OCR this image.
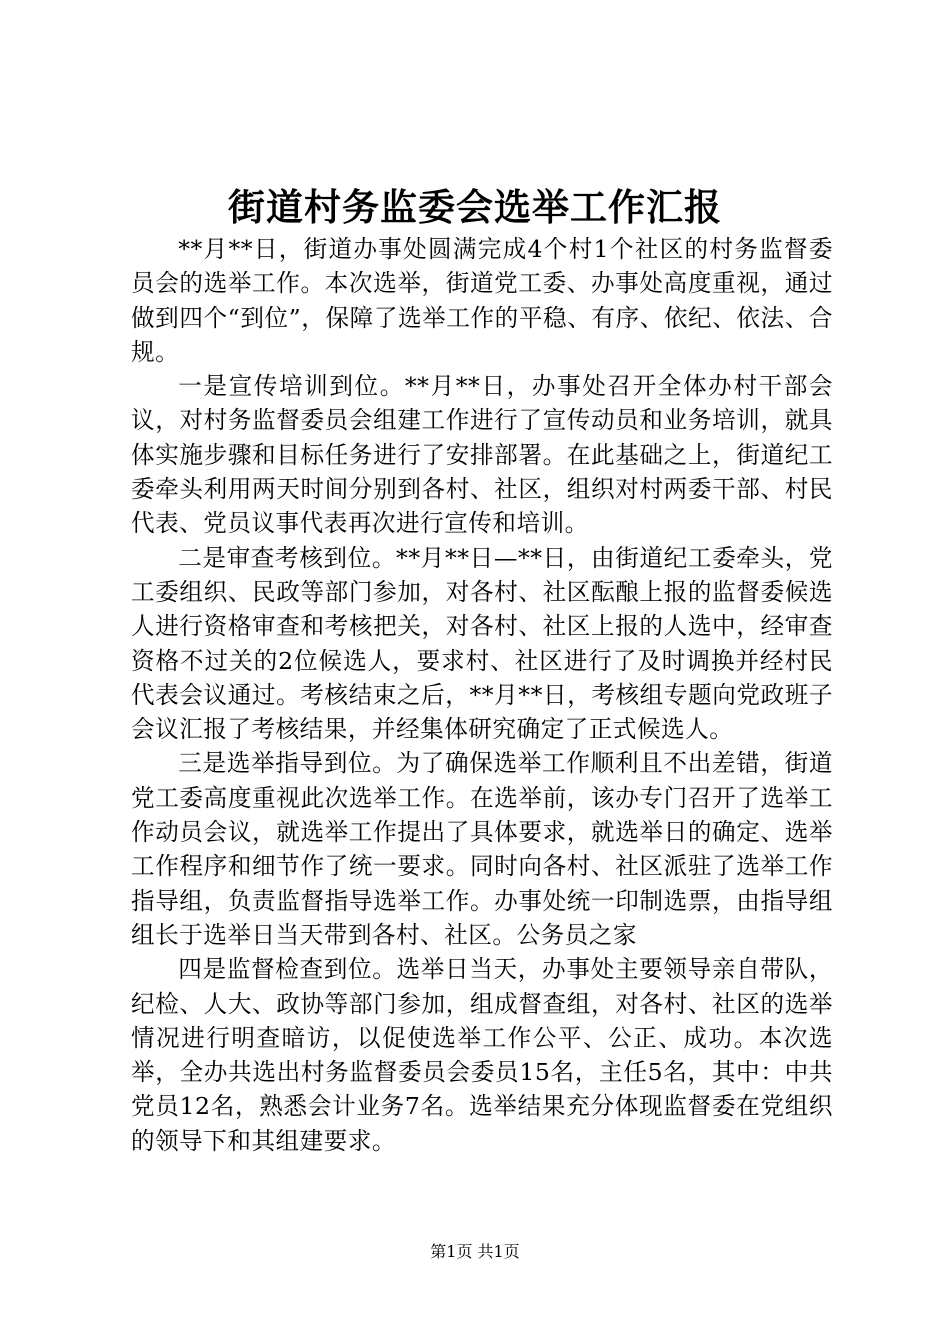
街道村务监委会选举工作汇报

**月**日，街道办事处圆满完成4个村1个社区的村务监督委员会的选举工作。本次选举，街道党工委、办事处高度重视，通过做到四个“到位”，保障了选举工作的平稳、有序、依纪、依法、合规。

一是宣传培训到位。**月**日，办事处召开全体办村干部会议，对村务监督委员会组建工作进行了宣传动员和业务培训，就具体实施步骤和目标任务进行了安排部署。在此基础之上，街道纪工委牵头利用两天时间分别到各村、社区，组织对村两委干部、村民代表、党员议事代表再次进行宣传和培训。

二是审查考核到位。**月**日—**日，由街道纪工委牵头，党工委组织、民政等部门参加，对各村、社区酝酿上报的监督委候选人进行资格审查和考核把关，对各村、社区上报的人选中，经审查资格不过关的2位候选人，要求村、社区进行了及时调换并经村民代表会议通过。考核结束之后，**月**日，考核组专题向党政班子会议汇报了考核结果，并经集体研究确定了正式候选人。

三是选举指导到位。为了确保选举工作顺利且不出差错，街道党工委高度重视此次选举工作。在选举前，该办专门召开了选举工作动员会议，就选举工作提出了具体要求，就选举日的确定、选举工作程序和细节作了统一要求。同时向各村、社区派驻了选举工作指导组，负责监督指导选举工作。办事处统一印制选票，由指导组组长于选举日当天带到各村、社区。公务员之家

四是监督检查到位。选举日当天，办事处主要领导亲自带队，纪检、人大、政协等部门参加，组成督查组，对各村、社区的选举情况进行明查暗访，以促使选举工作公平、公正、成功。本次选举，全办共选出村务监督委员会委员15名，主任5名，其中：中共党员12名，熟悉会计业务7名。选举结果充分体现监督委在党组织的领导下和其组建要求。

第1页 共1页
